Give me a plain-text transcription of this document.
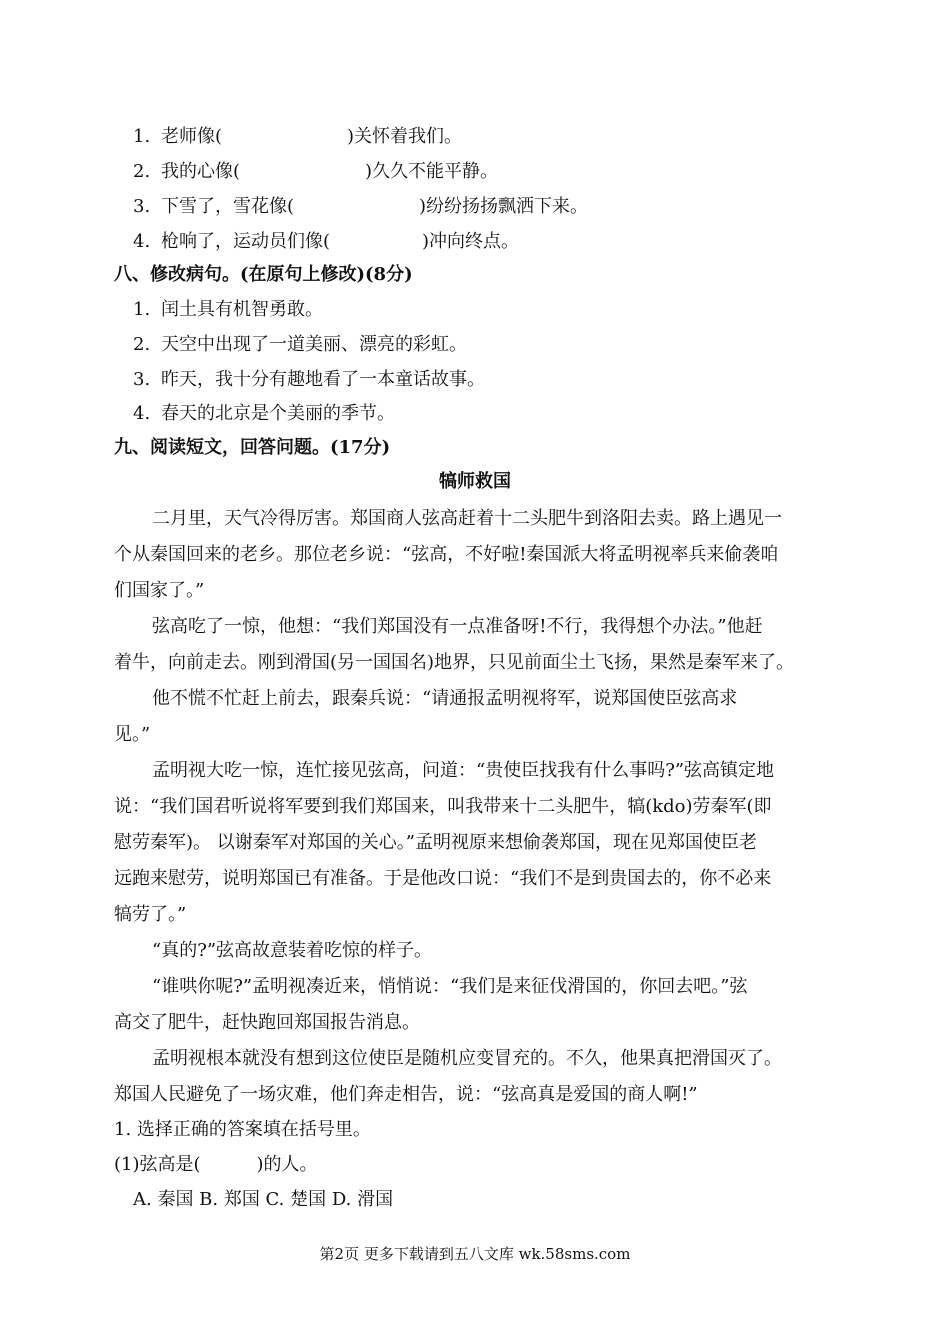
1. 老师像(	)关怀着我们。
2. 我的心像(	)久久不能平静。
3. 下雪了，雪花像(	)纷纷扬扬飘洒下来。
4. 枪响了，运动员们像(	)冲向终点。
八、修改病句。(在原句上修改)(8分)
1. 闰土具有机智勇敢。
2. 天空中出现了一道美丽、漂亮的彩虹。
3. 昨天，我十分有趣地看了一本童话故事。
4. 春天的北京是个美丽的季节。
九、阅读短文，回答问题。(17分)
犒师救国
二月里，天气冷得厉害。郑国商人弦高赶着十二头肥牛到洛阳去卖。路上遇见一
个从秦国回来的老乡。那位老乡说：“弦高，不好啦!秦国派大将孟明视率兵来偷袭咱
们国家了。”
弦高吃了一惊，他想：“我们郑国没有一点准备呀!不行，我得想个办法。”他赶
着牛，向前走去。刚到滑国(另一国国名)地界，只见前面尘土飞扬，果然是秦军来了。
他不慌不忙赶上前去，跟秦兵说：“请通报孟明视将军，说郑国使臣弦高求
见。”
孟明视大吃一惊，连忙接见弦高，问道：“贵使臣找我有什么事吗?”弦高镇定地
说：“我们国君听说将军要到我们郑国来，叫我带来十二头肥牛，犒(kdo)劳秦军(即
慰劳秦军)。 以谢秦军对郑国的关心。”孟明视原来想偷袭郑国，现在见郑国使臣老
远跑来慰劳，说明郑国已有准备。于是他改口说：“我们不是到贵国去的，你不必来
犒劳了。”
“真的?”弦高故意装着吃惊的样子。
“谁哄你呢?”孟明视凑近来，悄悄说：“我们是来征伐滑国的，你回去吧。”弦
高交了肥牛，赶快跑回郑国报告消息。
孟明视根本就没有想到这位使臣是随机应变冒充的。不久，他果真把滑国灭了。
郑国人民避免了一场灾难，他们奔走相告，说：“弦高真是爱国的商人啊!”
1. 选择正确的答案填在括号里。
(1)弦高是(	)的人。
A. 秦国 B. 郑国 C. 楚国 D. 滑国
第2页 更多下载请到五八文库 wk.58sms.com
